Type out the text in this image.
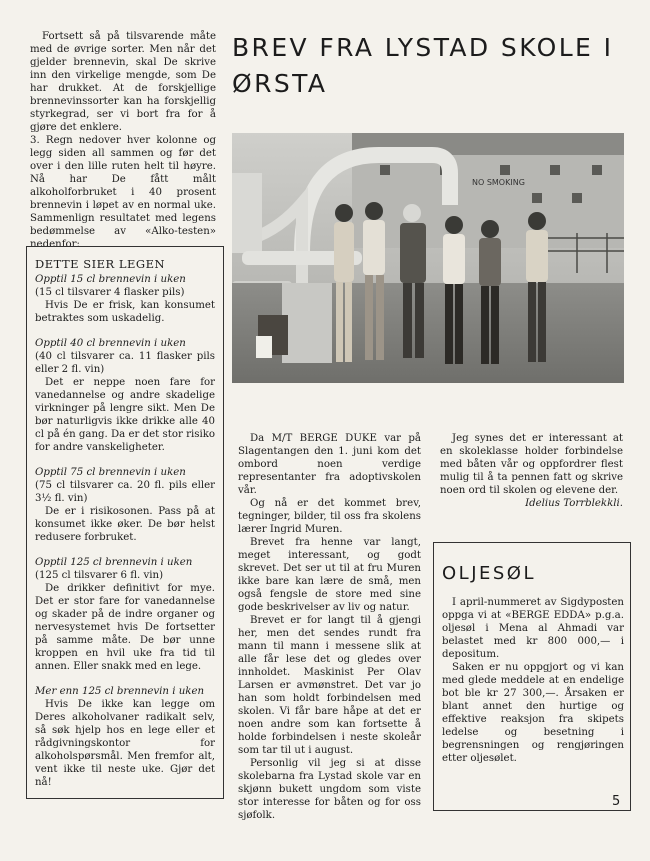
Fortsett så på tilsvarende måte med de øvrige sorter. Men når det gjelder brennevin, skal De skrive inn den virkelige mengde, som De har drukket. At de forskjellige brennevinssorter kan ha forskjellig styrkegrad, ser vi bort fra for å gjøre det enklere.

3. Regn nedover hver kolonne og legg siden all sammen og før det over i den lille ruten helt til høyre. Nå har De fått målt alkoholforbruket i 40 prosent brennevin i løpet av en normal uke. Sammenlign resultatet med legens bedømmelse av «Alko-testen» nedenfor:

DETTE SIER LEGEN

Opptil 15 cl brennevin i uken

(15 cl tilsvarer 4 flasker pils)

Hvis De er frisk, kan konsumet betraktes som uskadelig.

Opptil 40 cl brennevin i uken

(40 cl tilsvarer ca. 11 flasker pils eller 2 fl. vin)

Det er neppe noen fare for vanedannelse og andre skadelige virkninger på lengre sikt. Men De bør naturligvis ikke drikke alle 40 cl på én gang. Da er det stor risiko for andre vanskeligheter.

Opptil 75 cl brennevin i uken

(75 cl tilsvarer ca. 20 fl. pils eller 3½ fl. vin)

De er i risikosonen. Pass på at konsumet ikke øker. De bør helst redusere forbruket.

Opptil 125 cl brennevin i uken

(125 cl tilsvarer 6 fl. vin)

De drikker definitivt for mye. Det er stor fare for vanedannelse og skader på de indre organer og nervesystemet hvis De fortsetter på samme måte. De bør unne kroppen en hvil uke fra tid til annen. Eller snakk med en lege.

Mer enn 125 cl brennevin i uken

Hvis De ikke kan legge om Deres alkoholvaner radikalt selv, så søk hjelp hos en lege eller et rådgivningskontor for alkoholspørsmål. Men fremfor alt, vent ikke til neste uke. Gjør det nå!

BREV FRA LYSTAD SKOLE I ØRSTA
NO SMOKING

Da M/T BERGE DUKE var på Slagentangen den 1. juni kom det ombord noen verdige representanter fra adoptivskolen vår.

Og nå er det kommet brev, tegninger, bilder, til oss fra skolens lærer Ingrid Muren.

Brevet fra henne var langt, meget interessant, og godt skrevet. Det ser ut til at fru Muren ikke bare kan lære de små, men også fengsle de store med sine gode beskrivelser av liv og natur.

Brevet er for langt til å gjengi her, men det sendes rundt fra mann til mann i messene slik at alle får lese det og gledes over innholdet. Maskinist Per Olav Larsen er avmønstret. Det var jo han som holdt forbindelsen med skolen. Vi får bare håpe at det er noen andre som kan fortsette å holde forbindelsen i neste skoleår som tar til ut i august.

Personlig vil jeg si at disse skolebarna fra Lystad skole var en skjønn bukett ungdom som viste stor interesse for båten og for oss sjøfolk.

Jeg synes det er interessant at en skoleklasse holder forbindelse med båten vår og oppfordrer flest mulig til å ta pennen fatt og skrive noen ord til skolen og elevene der.

Idelius Torrblekkli.

OLJESØL

I april-nummeret av Sigdyposten oppga vi at «BERGE EDDA» p.g.a. oljesøl i Mena al Ahmadi var belastet med kr 800 000,— i depositum.

Saken er nu oppgjort og vi kan med glede meddele at en endelige bot ble kr 27 300,—. Årsaken er blant annet den hurtige og effektive reaksjon fra skipets ledelse og besetning i begrensningen og rengjøringen etter oljesølet.

5
